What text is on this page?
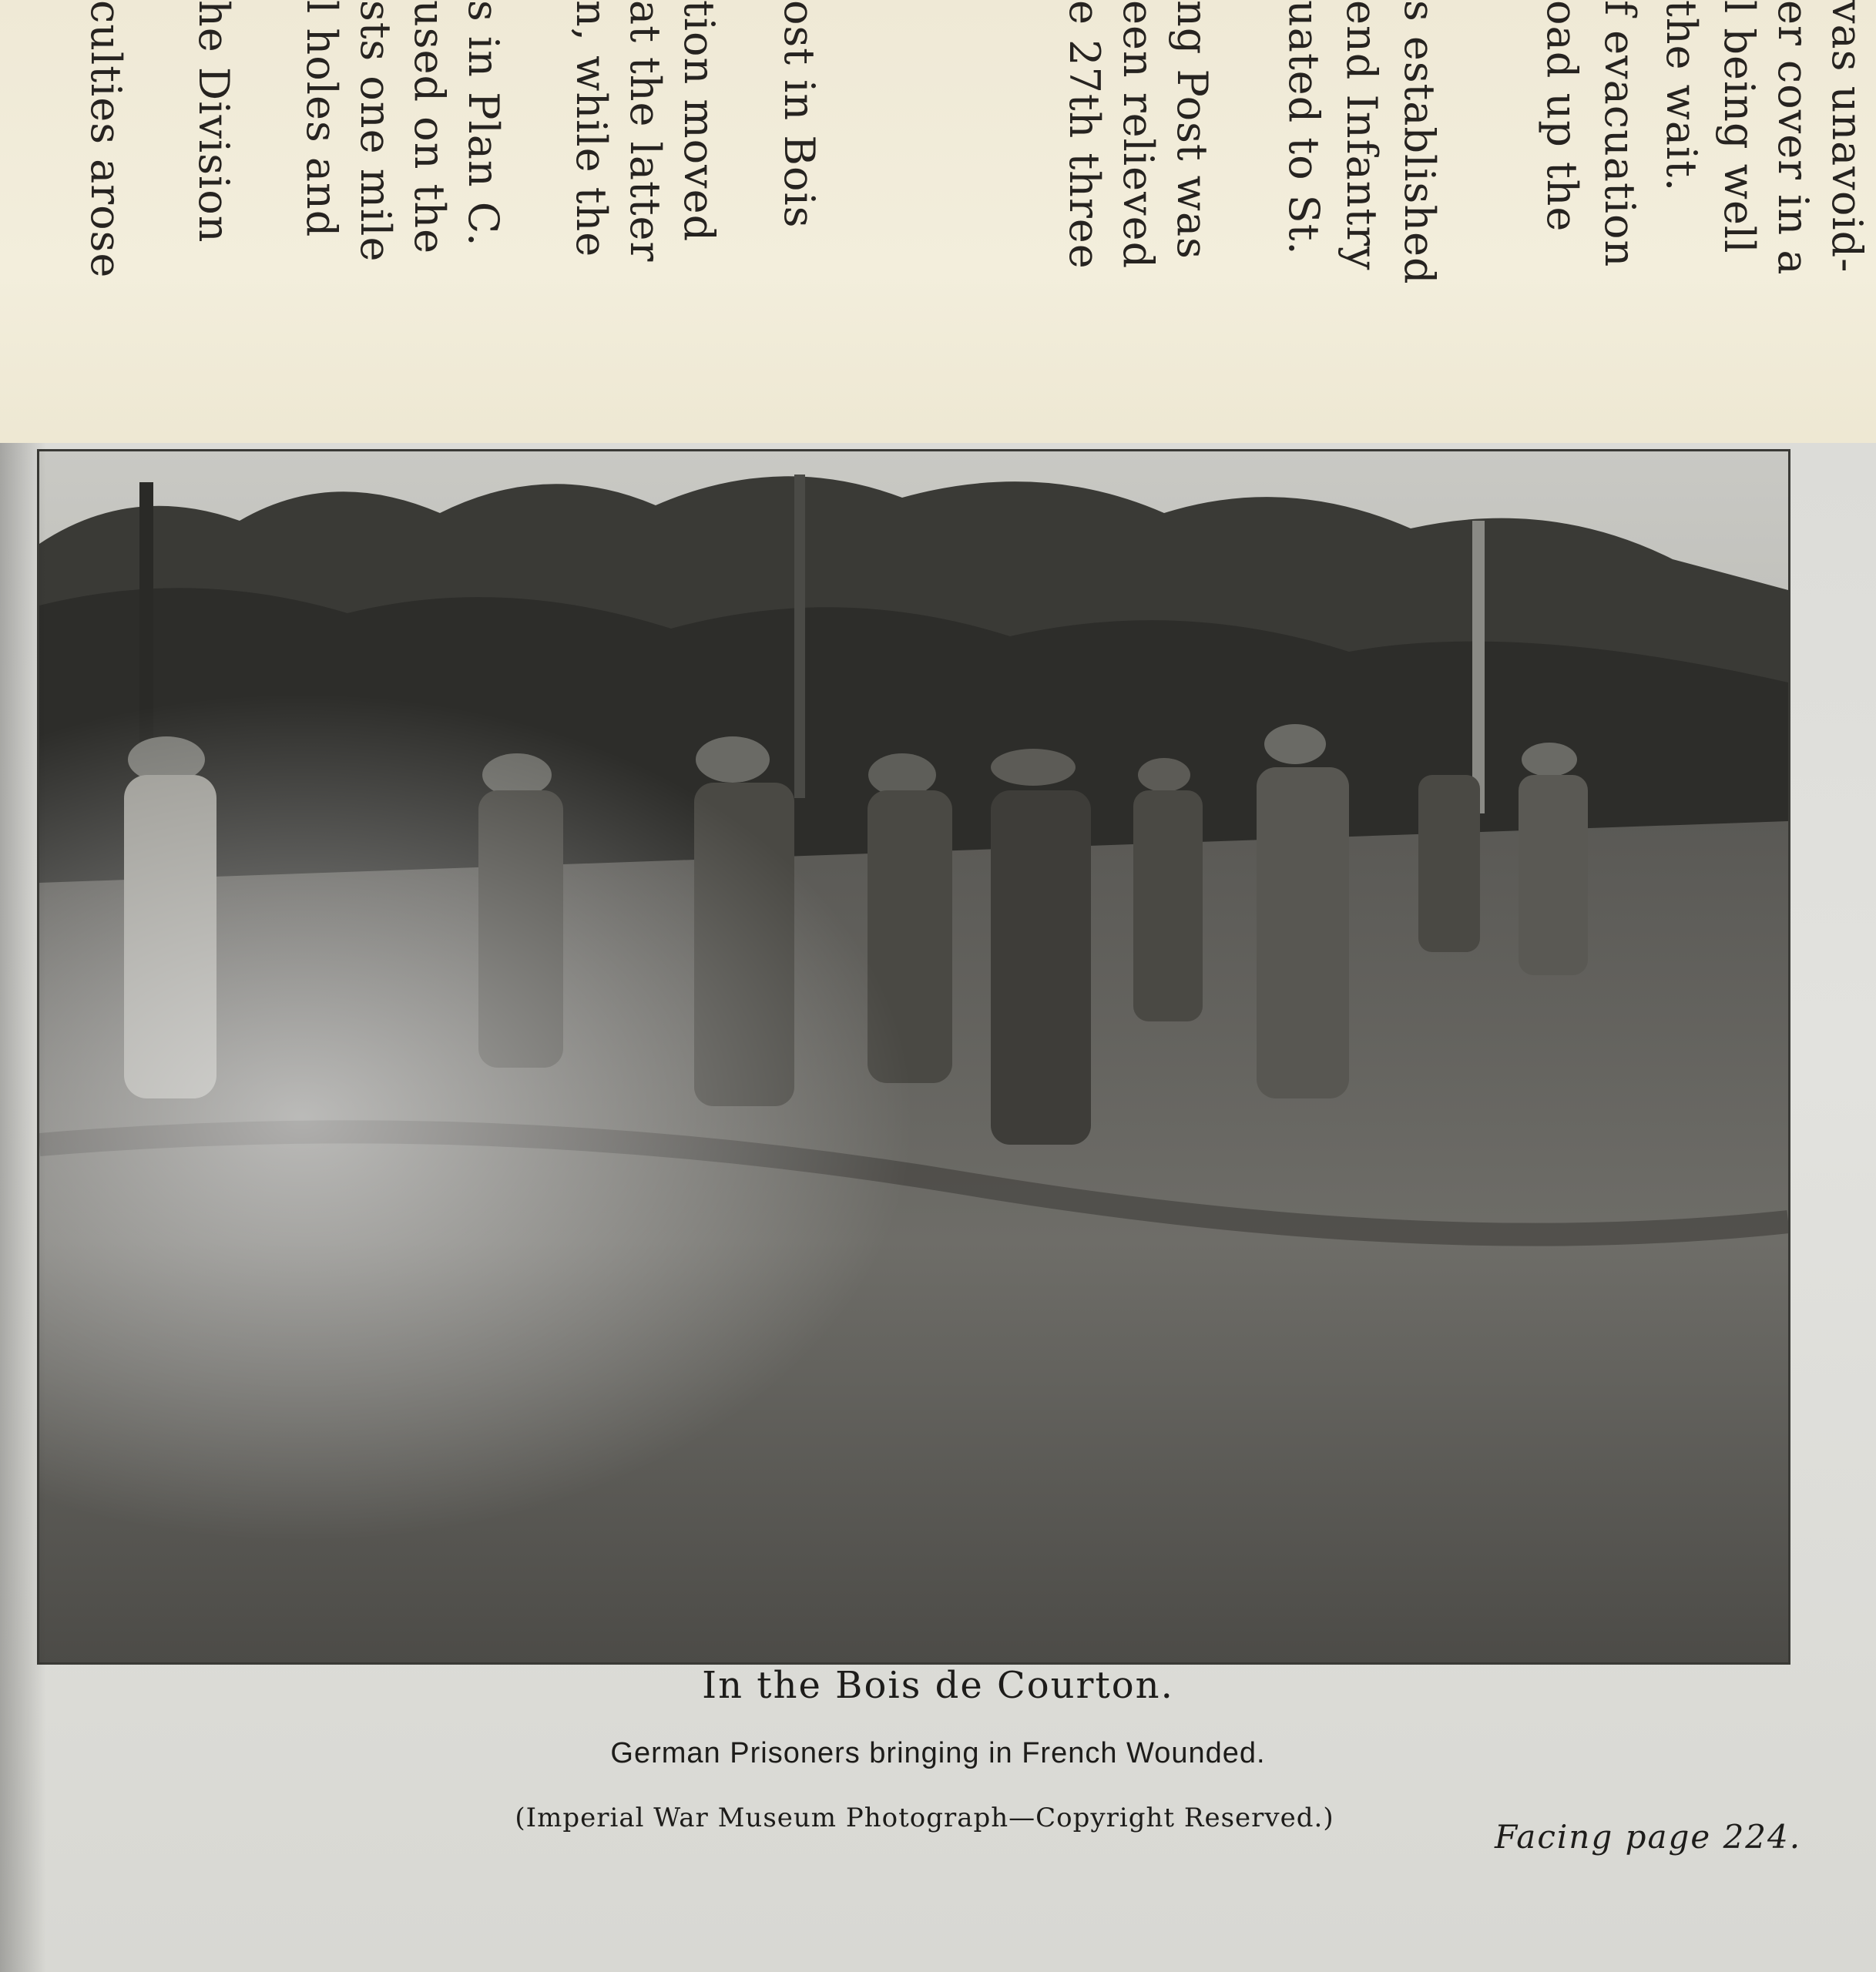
vas unavoid-
er cover in a
l being well
the wait.
f evacuation
oad up the
s established
end Infantry
uated to St.
ng Post was
een relieved
e 27th three
ost in Bois
tion moved
at the latter
n, while the
s in Plan C.
used on the
sts one mile
l holes and
he Division
culties arose
In the Bois de Courton.
German Prisoners bringing in French Wounded.
(Imperial War Museum Photograph—Copyright Reserved.)	Facing page 224.
